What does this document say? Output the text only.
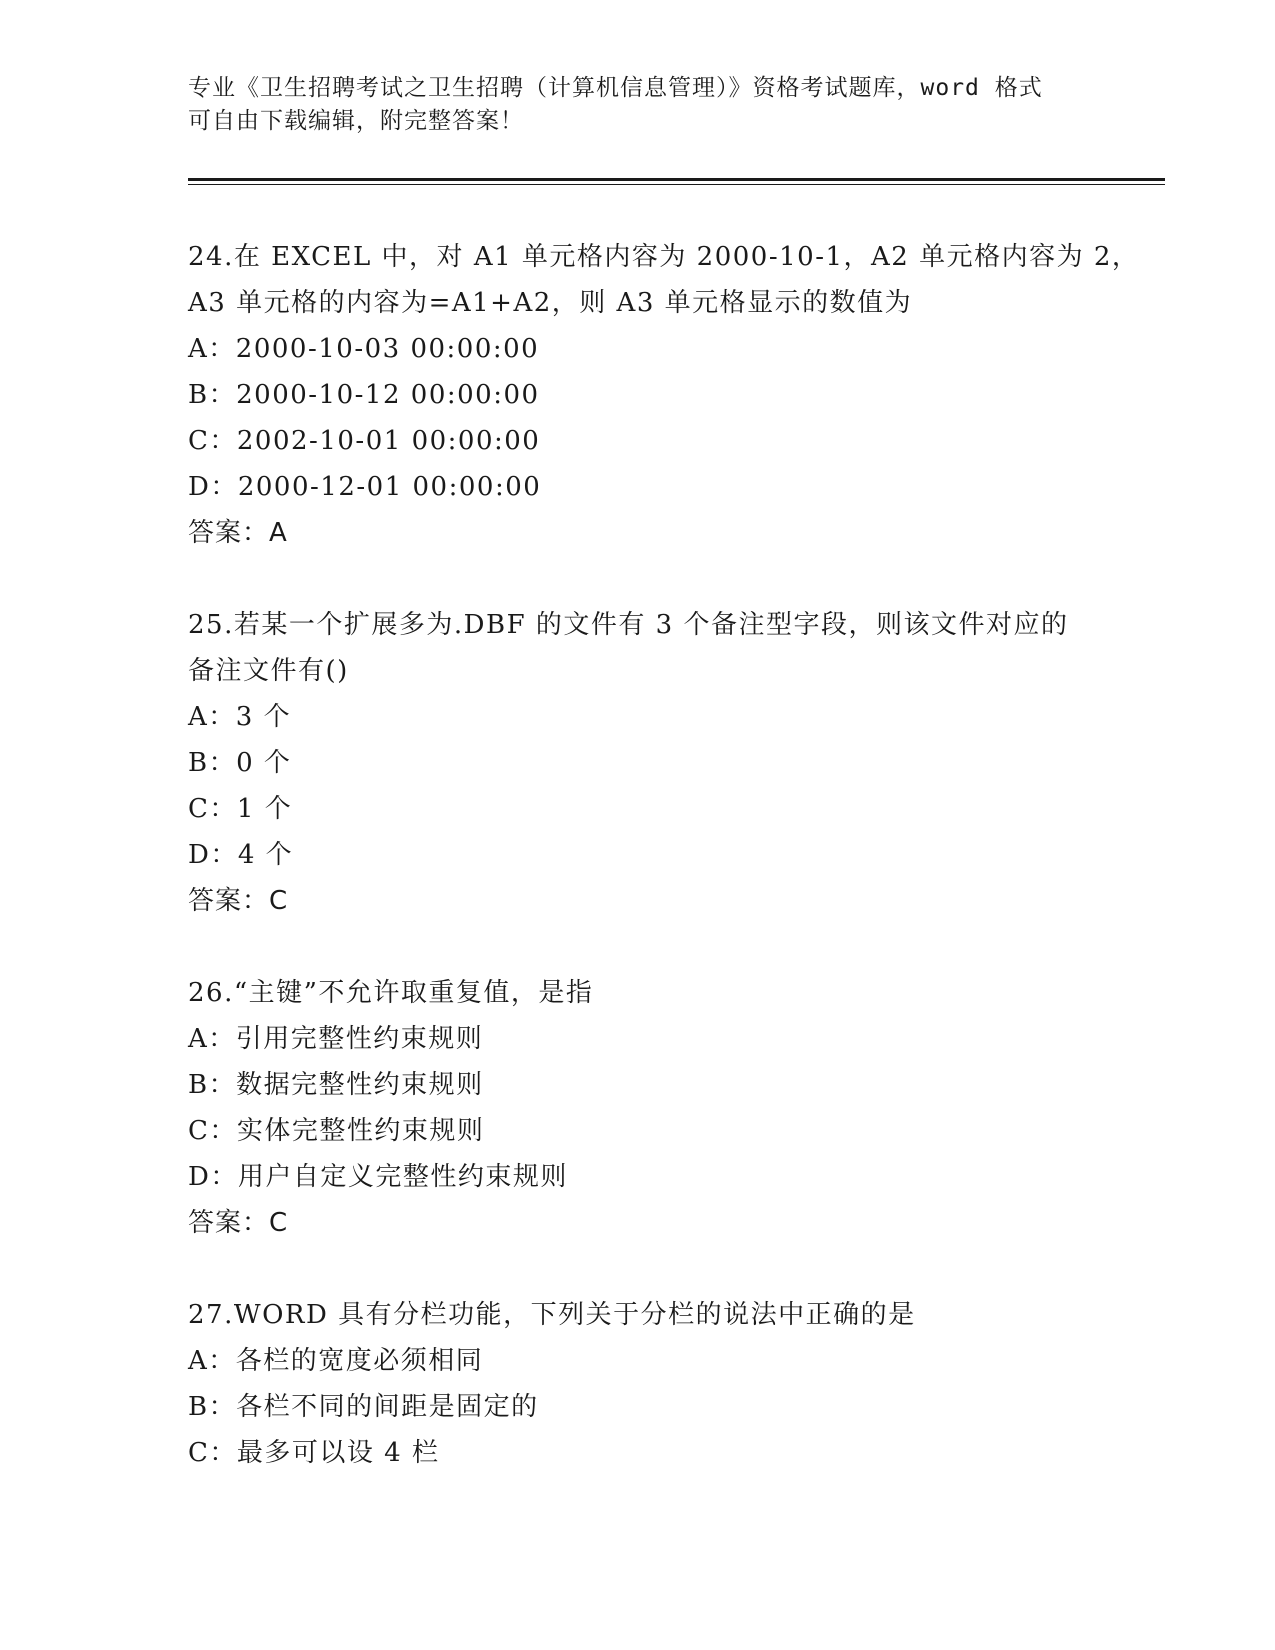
专业《卫生招聘考试之卫生招聘（计算机信息管理）》资格考试题库，word 格式
可自由下载编辑，附完整答案！
24.在 EXCEL 中，对 A1 单元格内容为 2000-10-1，A2 单元格内容为 2，
A3 单元格的内容为=A1+A2，则 A3 单元格显示的数值为
A：2000-10-03 00:00:00
B：2000-10-12 00:00:00
C：2002-10-01 00:00:00
D：2000-12-01 00:00:00
答案：A
25.若某一个扩展多为.DBF 的文件有 3 个备注型字段，则该文件对应的
备注文件有()
A：3 个
B：0 个
C：1 个
D：4 个
答案：C
26.“主键”不允许取重复值，是指
A：引用完整性约束规则
B：数据完整性约束规则
C：实体完整性约束规则
D：用户自定义完整性约束规则
答案：C
27.WORD 具有分栏功能，下列关于分栏的说法中正确的是
A：各栏的宽度必须相同
B：各栏不同的间距是固定的
C：最多可以设 4 栏
